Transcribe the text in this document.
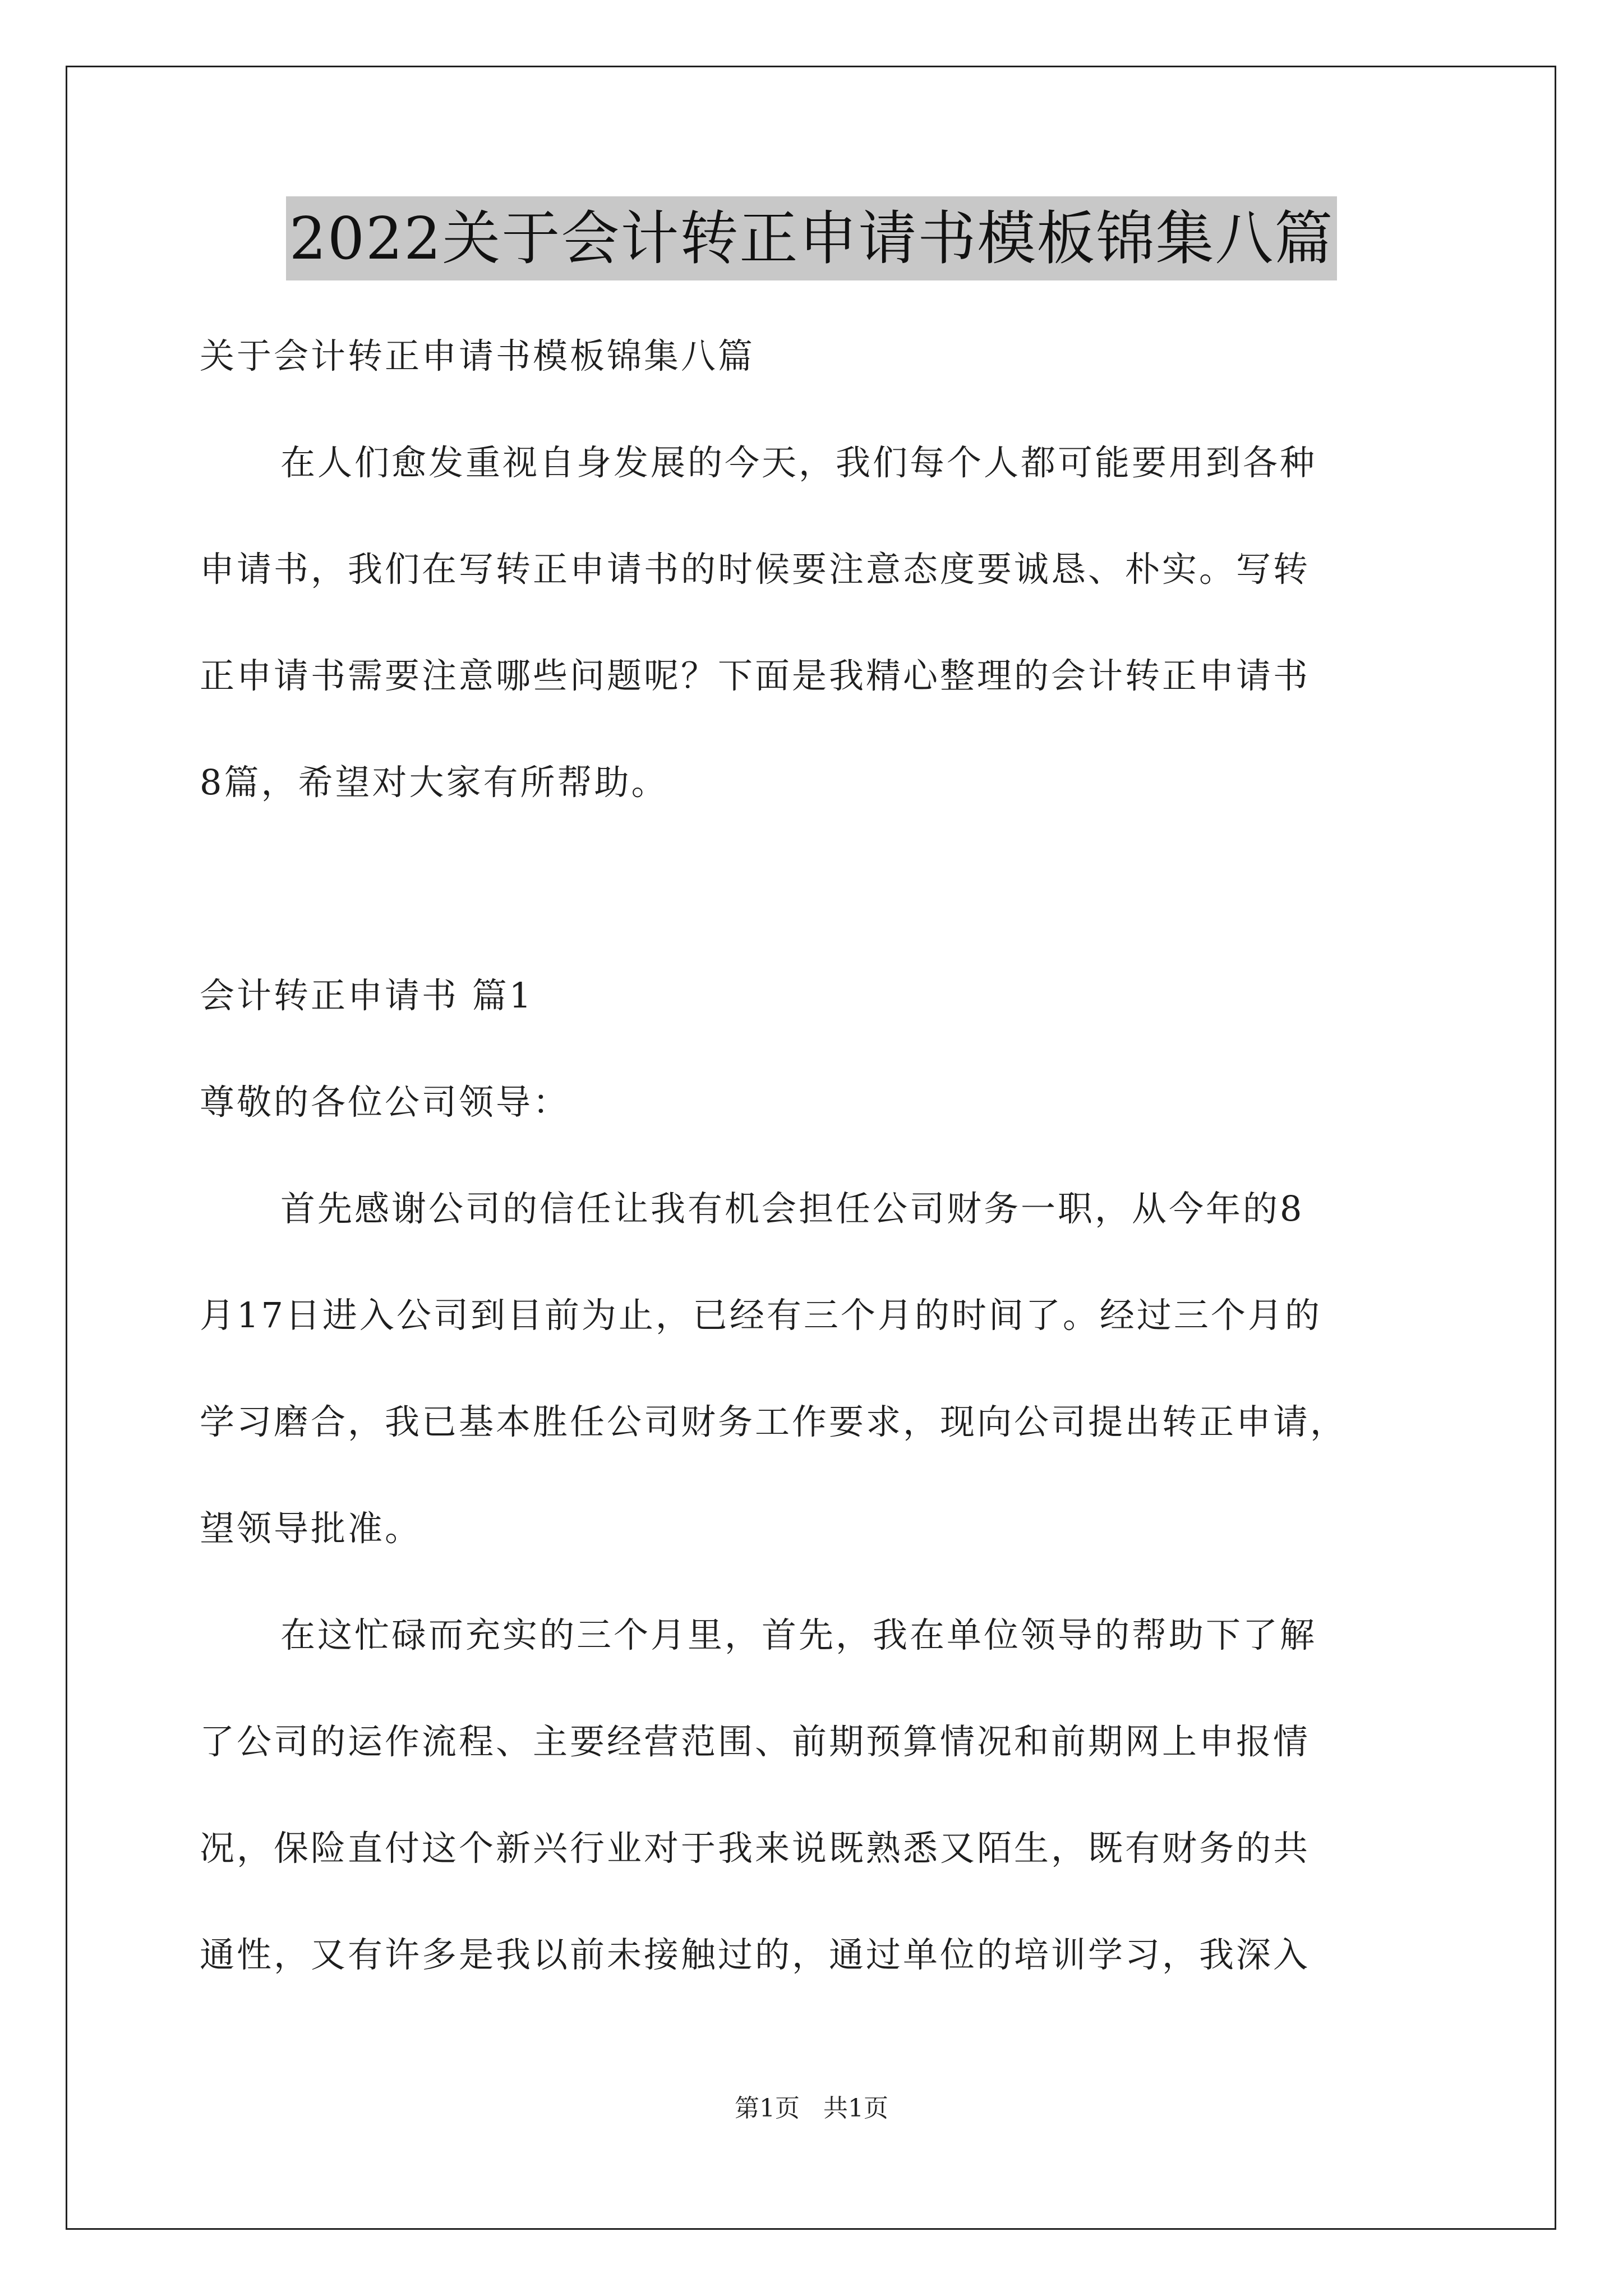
2022关于会计转正申请书模板锦集八篇

关于会计转正申请书模板锦集八篇

在人们愈发重视自身发展的今天，我们每个人都可能要用到各种

申请书，我们在写转正申请书的时候要注意态度要诚恳、朴实。写转

正申请书需要注意哪些问题呢？下面是我精心整理的会计转正申请书

8篇，希望对大家有所帮助。

会计转正申请书 篇1

尊敬的各位公司领导：

首先感谢公司的信任让我有机会担任公司财务一职，从今年的8

月17日进入公司到目前为止，已经有三个月的时间了。经过三个月的

学习磨合，我已基本胜任公司财务工作要求，现向公司提出转正申请，

望领导批准。

在这忙碌而充实的三个月里，首先，我在单位领导的帮助下了解

了公司的运作流程、主要经营范围、前期预算情况和前期网上申报情

况，保险直付这个新兴行业对于我来说既熟悉又陌生，既有财务的共

通性，又有许多是我以前未接触过的，通过单位的培训学习，我深入

第1页   共1页
